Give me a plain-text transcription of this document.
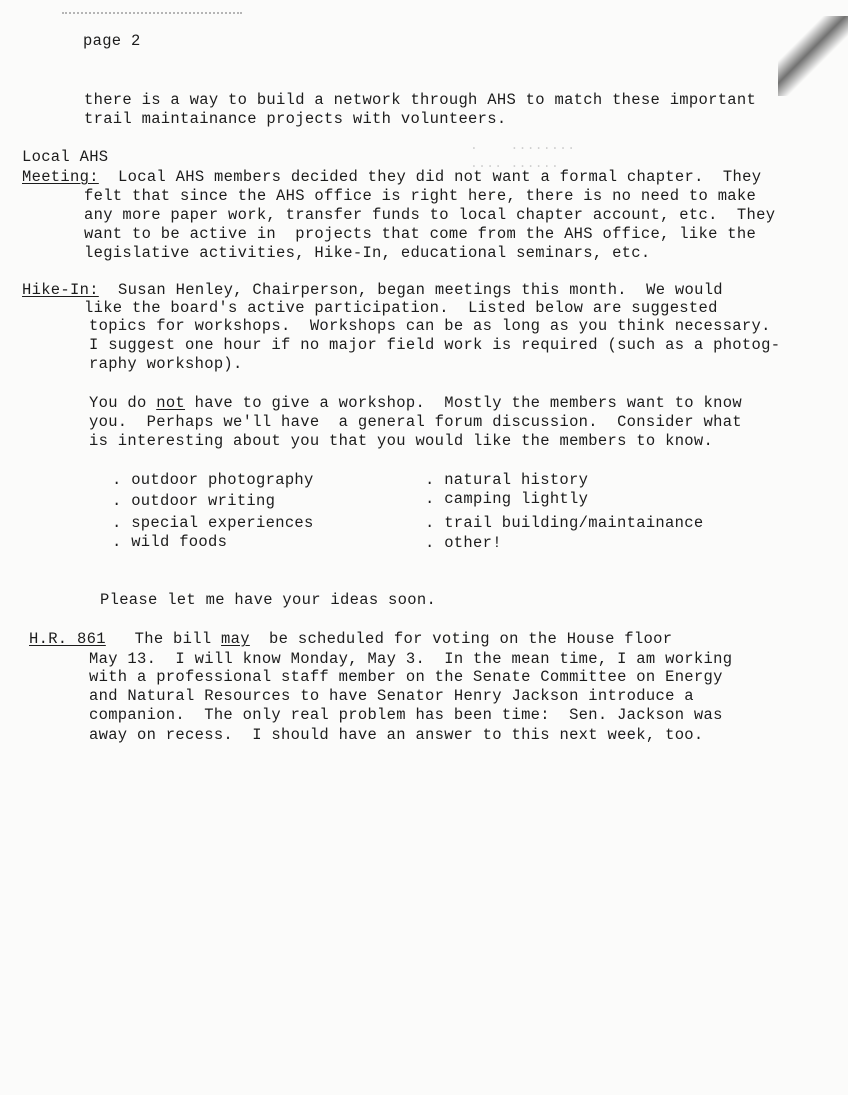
.    ........
.... ......
page 2
there is a way to build a network through AHS to match these important
trail maintainance projects with volunteers.
Local AHS
Meeting:  Local AHS members decided they did not want a formal chapter.  They
felt that since the AHS office is right here, there is no need to make
any more paper work, transfer funds to local chapter account, etc.  They
want to be active in  projects that come from the AHS office, like the
legislative activities, Hike-In, educational seminars, etc.
Hike-In:  Susan Henley, Chairperson, began meetings this month.  We would
like the board's active participation.  Listed below are suggested
topics for workshops.  Workshops can be as long as you think necessary.
I suggest one hour if no major field work is required (such as a photog-
raphy workshop).
You do not have to give a workshop.  Mostly the members want to know
you.  Perhaps we'll have  a general forum discussion.  Consider what
is interesting about you that you would like the members to know.
. outdoor photography
. outdoor writing
. special experiences
. wild foods
. natural history
. camping lightly
. trail building/maintainance
. other!
Please let me have your ideas soon.
H.R. 861   The bill may  be scheduled for voting on the House floor
May 13.  I will know Monday, May 3.  In the mean time, I am working
with a professional staff member on the Senate Committee on Energy
and Natural Resources to have Senator Henry Jackson introduce a
companion.  The only real problem has been time:  Sen. Jackson was
away on recess.  I should have an answer to this next week, too.
